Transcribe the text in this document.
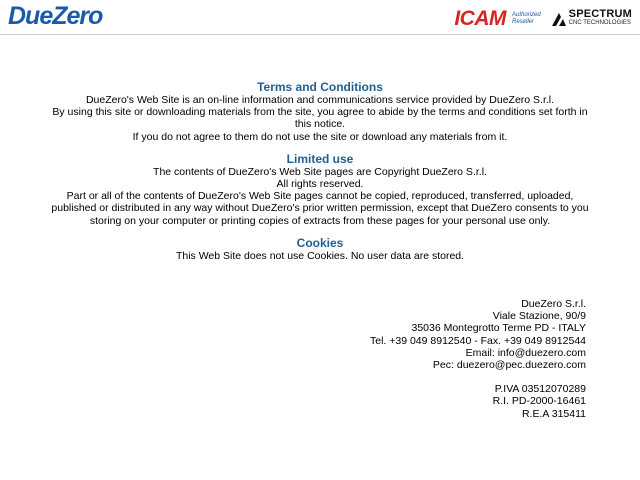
DueZero	ICAM Authorized
Reseller
SPECTRUM
CNC TECHNOLOGIES

Terms and Conditions

DueZero's Web Site is an on-line information and communications service provided by DueZero S.r.l.

By using this site or downloading materials from the site, you agree to abide by the terms and conditions set forth in this notice.

If you do not agree to them do not use the site or download any materials from it.

Limited use

The contents of DueZero's Web Site pages are Copyright DueZero S.r.l.

All rights reserved.

Part or all of the contents of DueZero's Web Site pages cannot be copied, reproduced, transferred, uploaded, published or distributed in any way without DueZero's prior written permission, except that DueZero consents to you storing on your computer or printing copies of extracts from these pages for your personal use only.

Cookies

This Web Site does not use Cookies. No user data are stored.

DueZero S.r.l.
Viale Stazione, 90/9
35036 Montegrotto Terme PD - ITALY
Tel. +39 049 8912540 - Fax. +39 049 8912544
Email: info@duezero.com
Pec: duezero@pec.duezero.com
P.IVA 03512070289
R.I. PD-2000-16461
R.E.A 315411
